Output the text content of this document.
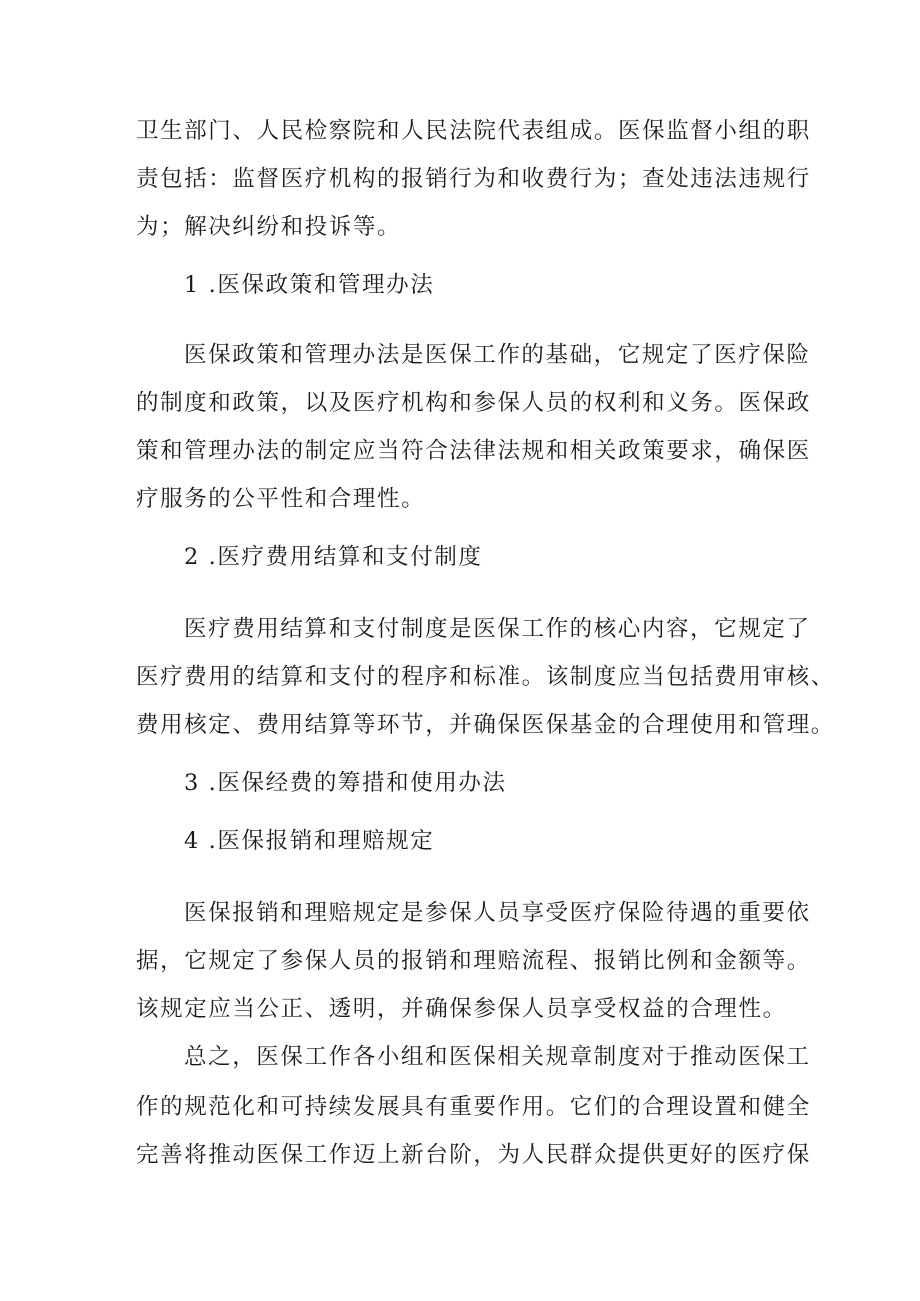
卫生部门、人民检察院和人民法院代表组成。医保监督小组的职

责包括：监督医疗机构的报销行为和收费行为；查处违法违规行

为；解决纠纷和投诉等。

1 .医保政策和管理办法

医保政策和管理办法是医保工作的基础，它规定了医疗保险

的制度和政策，以及医疗机构和参保人员的权利和义务。医保政

策和管理办法的制定应当符合法律法规和相关政策要求，确保医

疗服务的公平性和合理性。

2 .医疗费用结算和支付制度

医疗费用结算和支付制度是医保工作的核心内容，它规定了

医疗费用的结算和支付的程序和标准。该制度应当包括费用审核、

费用核定、费用结算等环节，并确保医保基金的合理使用和管理。

3 .医保经费的筹措和使用办法

4 .医保报销和理赔规定

医保报销和理赔规定是参保人员享受医疗保险待遇的重要依

据，它规定了参保人员的报销和理赔流程、报销比例和金额等。

该规定应当公正、透明，并确保参保人员享受权益的合理性。

总之，医保工作各小组和医保相关规章制度对于推动医保工

作的规范化和可持续发展具有重要作用。它们的合理设置和健全

完善将推动医保工作迈上新台阶，为人民群众提供更好的医疗保
